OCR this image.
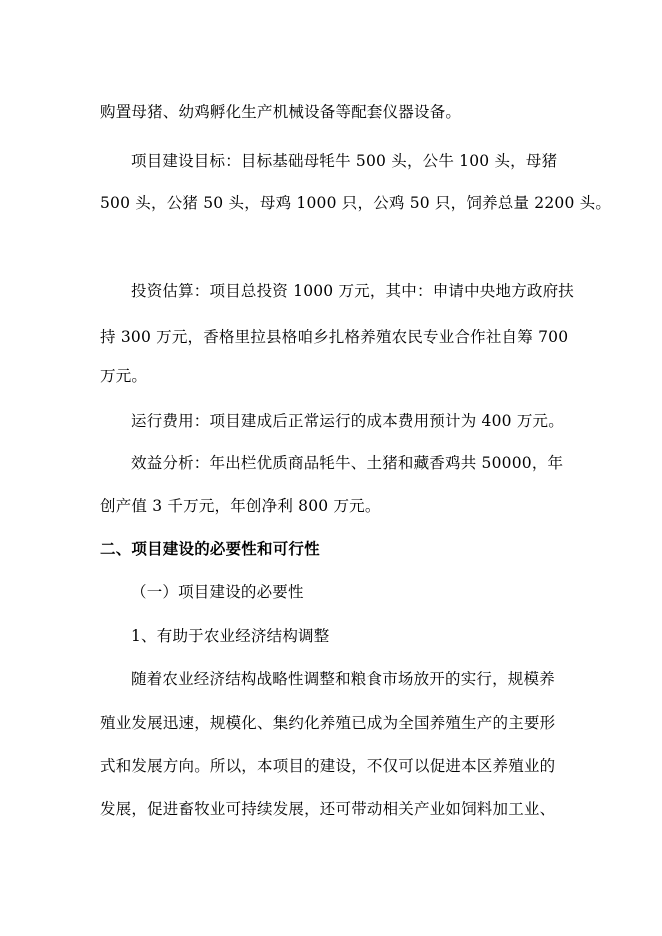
购置母猪、幼鸡孵化生产机械设备等配套仪器设备。
项目建设目标：目标基础母牦牛 500 头，公牛 100 头，母猪
500 头，公猪 50 头，母鸡 1000 只，公鸡 50 只，饲养总量 2200 头。
投资估算：项目总投资 1000 万元，其中：申请中央地方政府扶
持 300 万元，香格里拉县格咱乡扎格养殖农民专业合作社自筹 700
万元。
运行费用：项目建成后正常运行的成本费用预计为 400 万元。
效益分析：年出栏优质商品牦牛、土猪和藏香鸡共 50000，年
创产值 3 千万元，年创净利 800 万元。
二、项目建设的必要性和可行性
（一）项目建设的必要性
1、有助于农业经济结构调整
随着农业经济结构战略性调整和粮食市场放开的实行，规模养
殖业发展迅速，规模化、集约化养殖已成为全国养殖生产的主要形
式和发展方向。所以，本项目的建设，不仅可以促进本区养殖业的
发展，促进畜牧业可持续发展，还可带动相关产业如饲料加工业、
